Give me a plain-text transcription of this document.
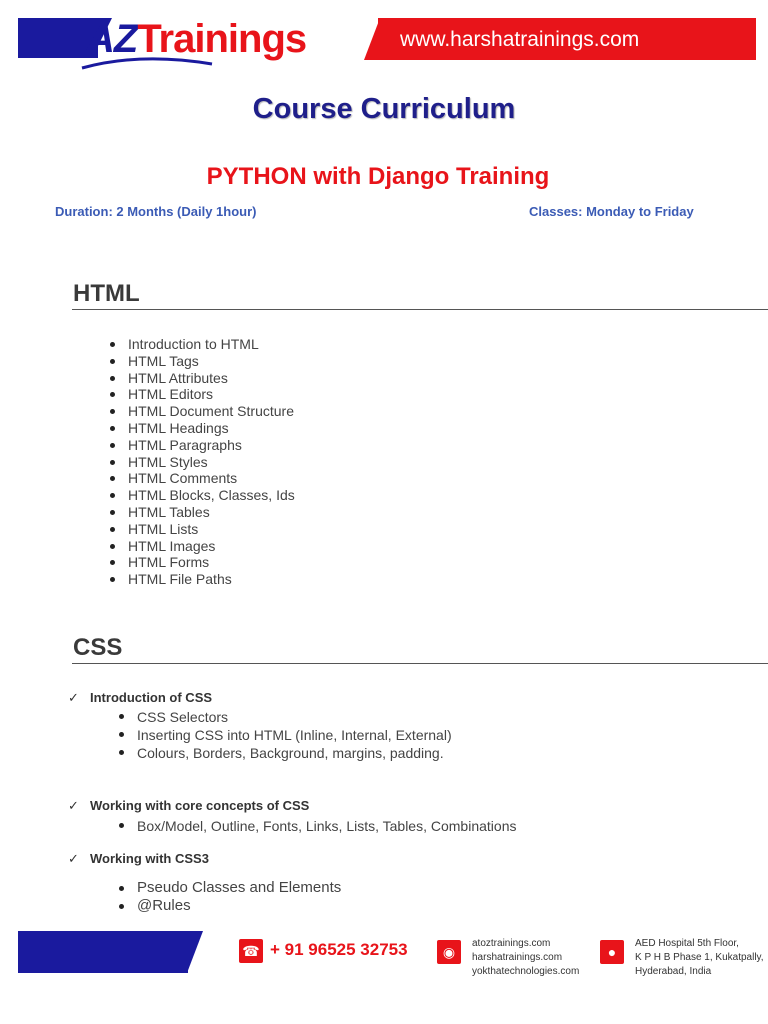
AZTrainings	www.harshatrainings.com
Course Curriculum
PYTHON with Django Training
Duration: 2 Months (Daily 1hour)	Classes: Monday to Friday
HTML
Introduction to HTML
HTML Tags
HTML Attributes
HTML Editors
HTML Document Structure
HTML Headings
HTML Paragraphs
HTML Styles
HTML Comments
HTML Blocks, Classes, Ids
HTML Tables
HTML Lists
HTML Images
HTML Forms
HTML File Paths
CSS
✓ Introduction of CSS
CSS Selectors
Inserting CSS into HTML (Inline, Internal, External)
Colours, Borders, Background, margins, padding.
✓ Working with core concepts of CSS
Box/Model, Outline, Fonts, Links, Lists, Tables, Combinations
✓ Working with CSS3
Pseudo Classes and Elements
@Rules
☎ + 91 96525 32753	◉
atoztrainings.com
harshatrainings.com
yokthatechnologies.com
●
AED Hospital 5th Floor,
K P H B Phase 1, Kukatpally,
Hyderabad, India
